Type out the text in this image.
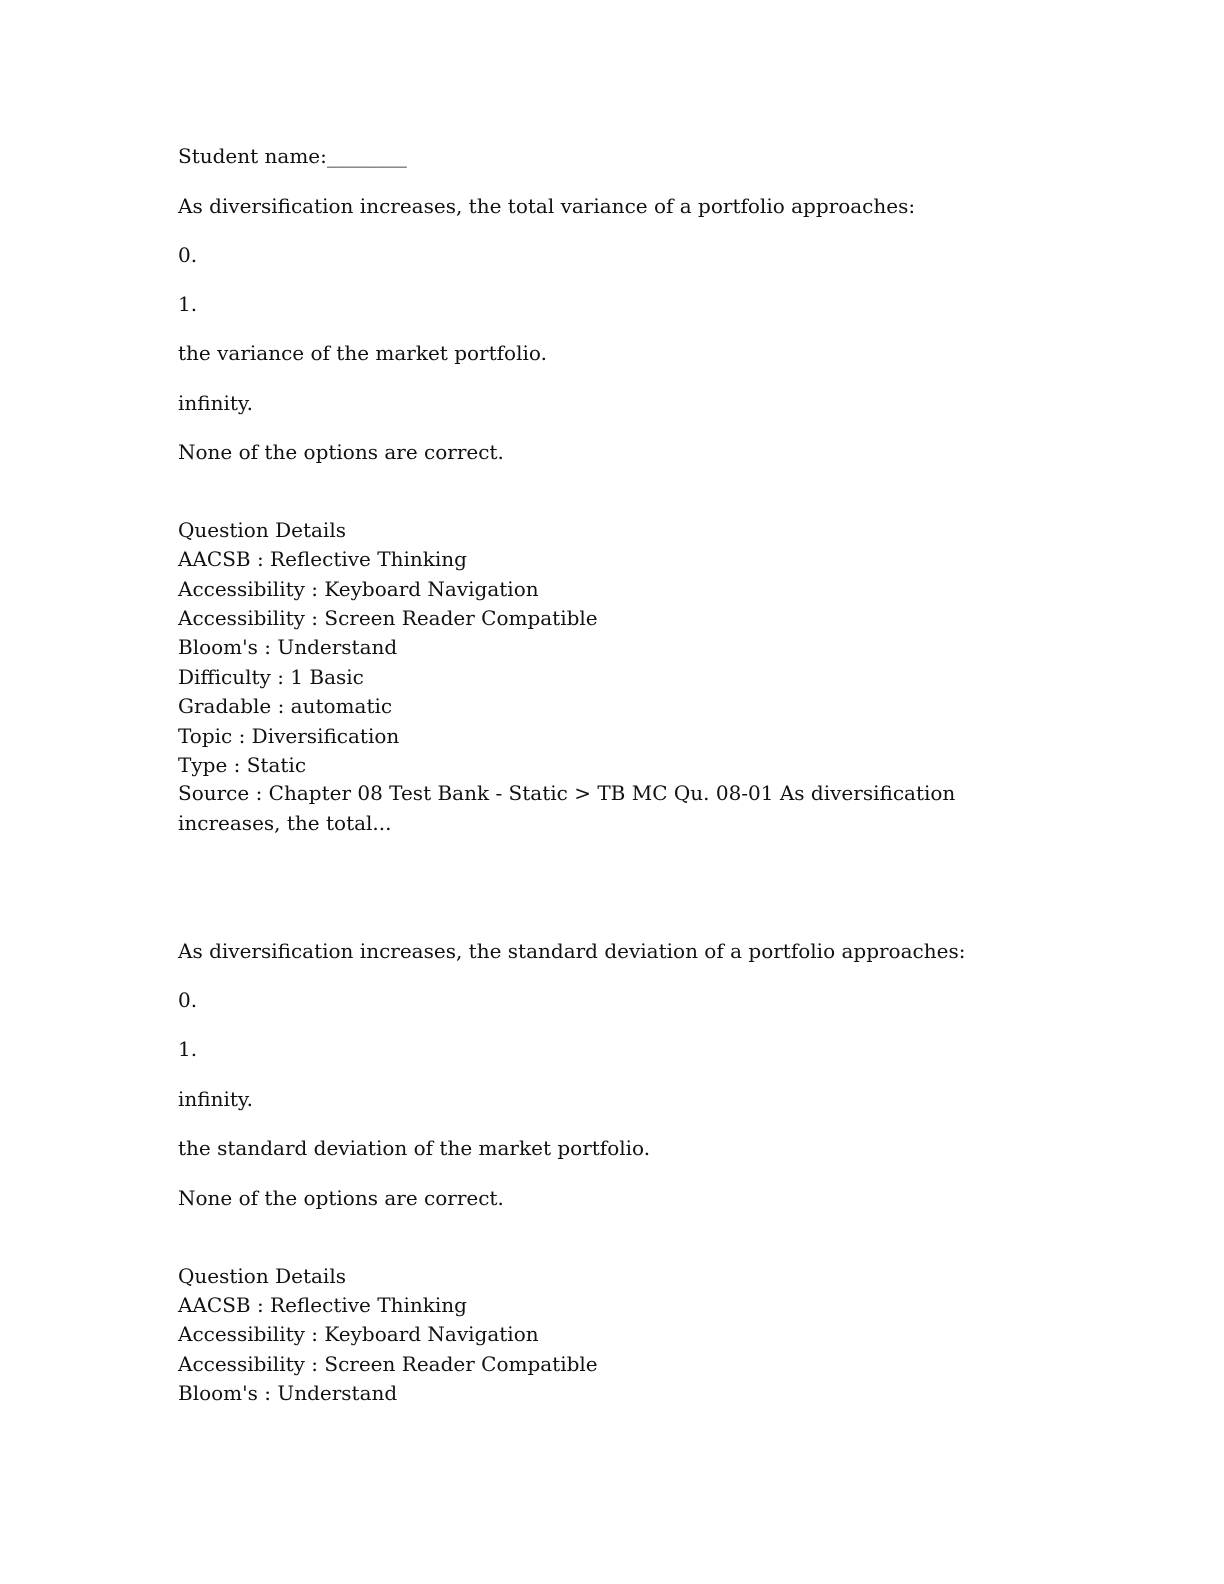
Student name:________
As diversification increases, the total variance of a portfolio approaches:
0.
1.
the variance of the market portfolio.
infinity.
None of the options are correct.
Question Details
AACSB : Reflective Thinking
Accessibility : Keyboard Navigation
Accessibility : Screen Reader Compatible
Bloom's : Understand
Difficulty : 1 Basic
Gradable : automatic
Topic : Diversification
Type : Static
Source : Chapter 08 Test Bank - Static > TB MC Qu. 08-01 As diversification increases, the total...
As diversification increases, the standard deviation of a portfolio approaches:
0.
1.
infinity.
the standard deviation of the market portfolio.
None of the options are correct.
Question Details
AACSB : Reflective Thinking
Accessibility : Keyboard Navigation
Accessibility : Screen Reader Compatible
Bloom's : Understand
